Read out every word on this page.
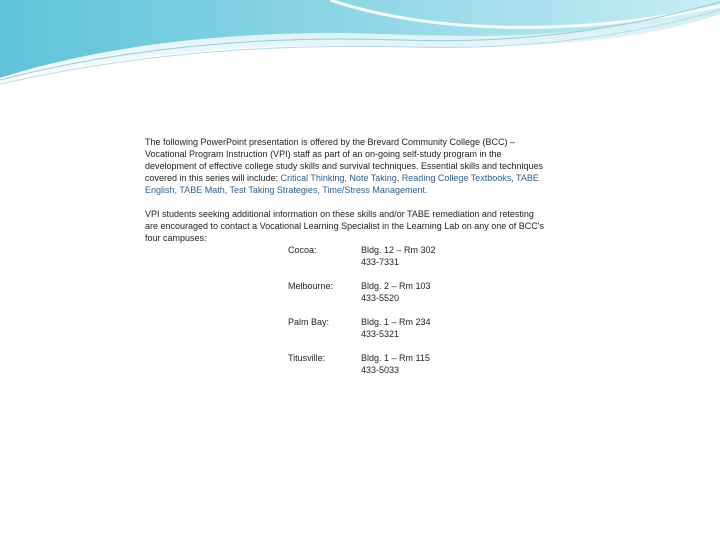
The following PowerPoint presentation is offered by the Brevard Community College (BCC) – Vocational Program Instruction (VPI) staff as part of an on-going self-study program in the development of effective college study skills and survival techniques. Essential skills and techniques covered in this series will include: Critical Thinking, Note Taking, Reading College Textbooks, TABE English, TABE Math, Test Taking Strategies, Time/Stress Management.

VPI students seeking additional information on these skills and/or TABE remediation and retesting are encouraged to contact a Vocational Learning Specialist in the Learning Lab on any one of BCC's four campuses:

Cocoa:	Bldg. 12 – Rm 302
433-7331
Melbourne:	Bldg. 2 – Rm 103
433-5520
Palm Bay:	Bldg. 1 – Rm 234
433-5321
Titusville:	Bldg. 1 – Rm 115
433-5033
